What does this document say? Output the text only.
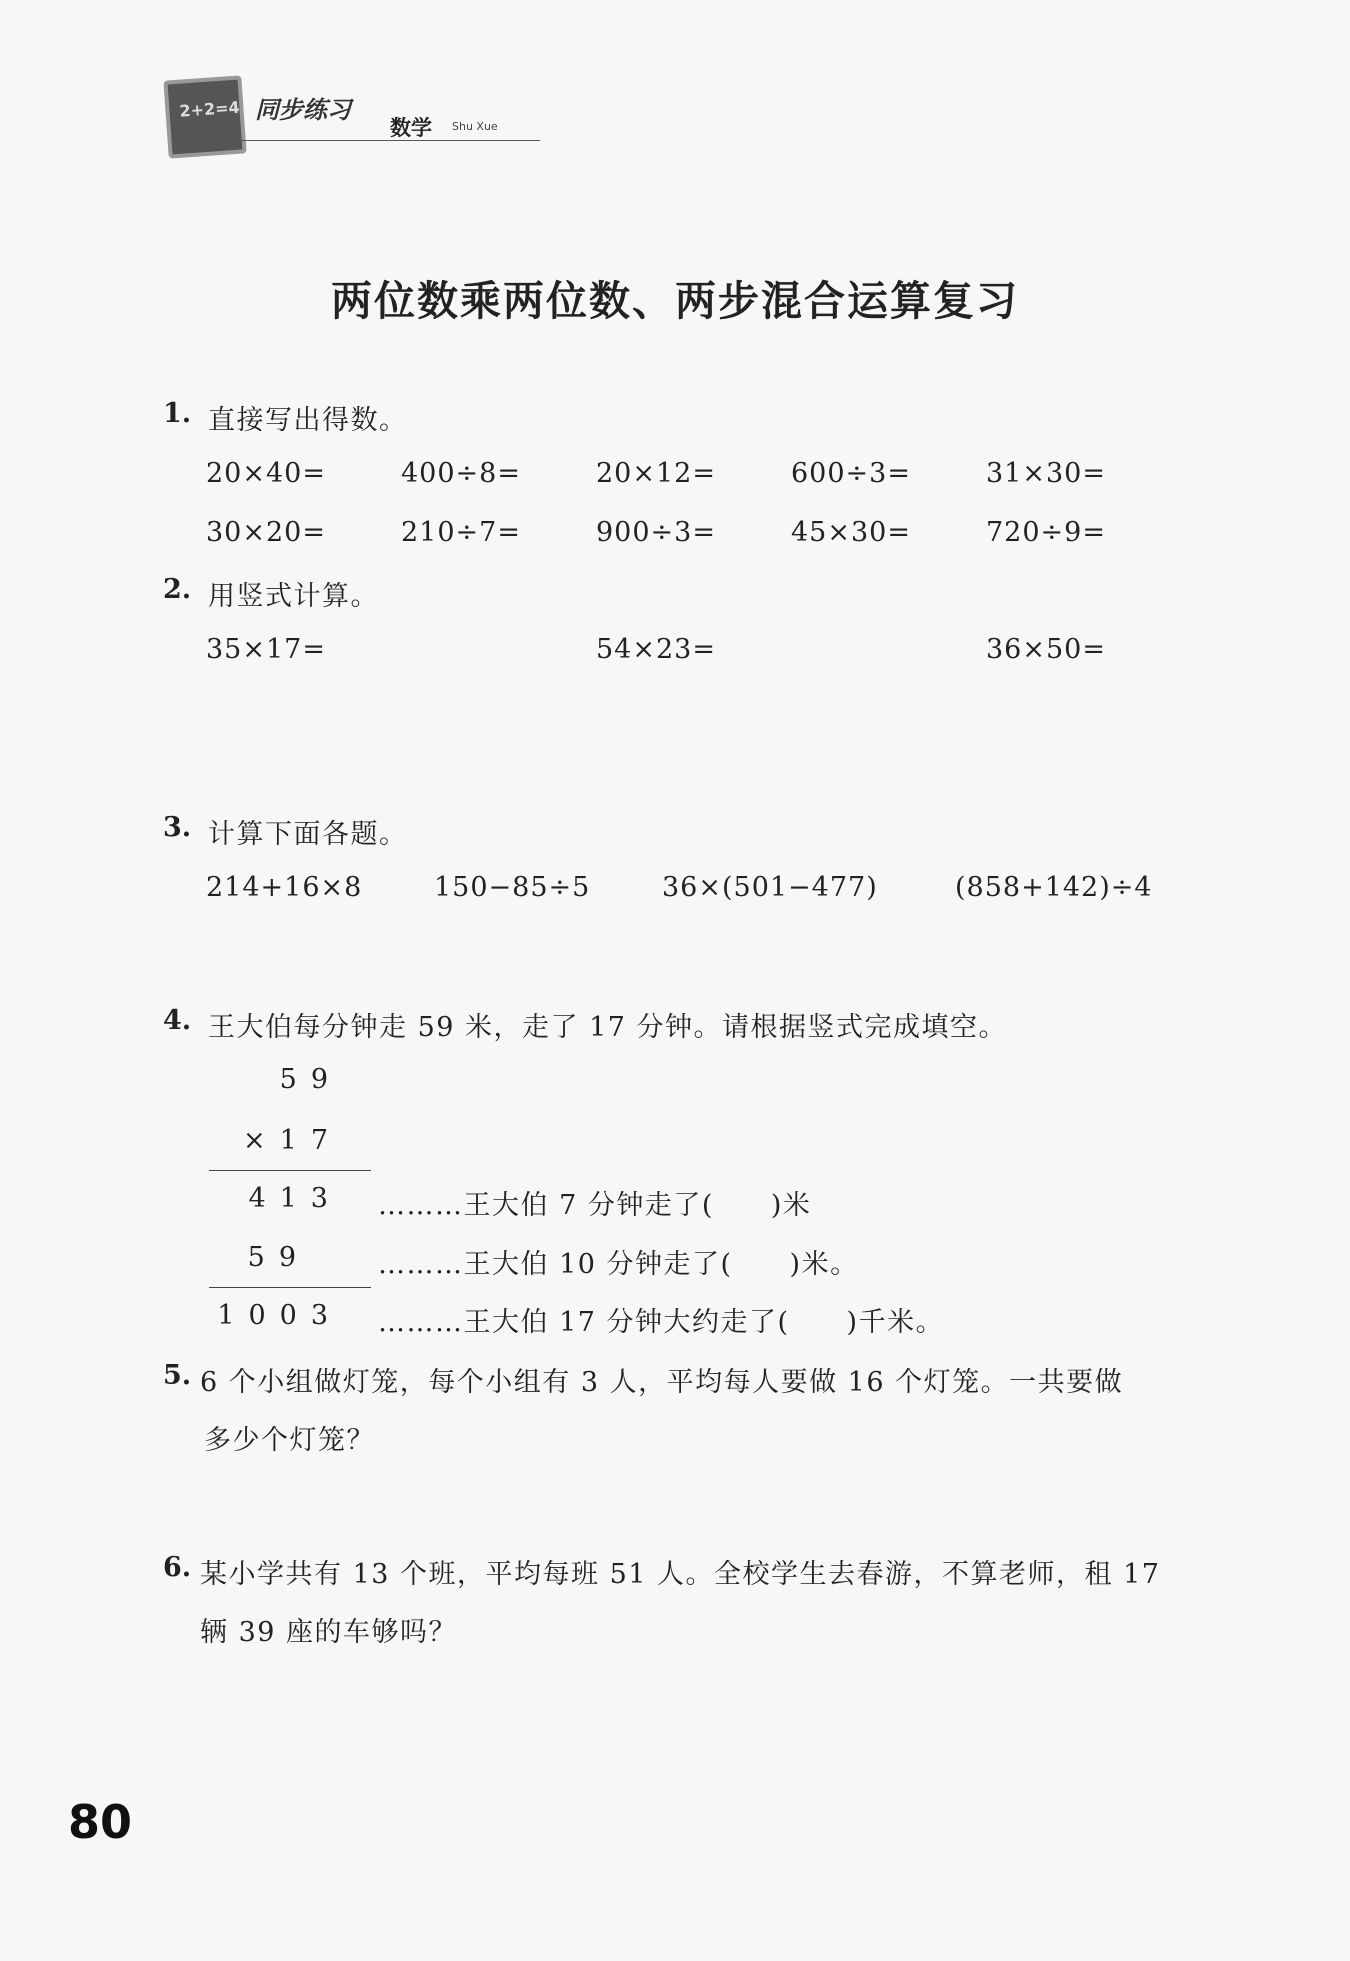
2+2=4 同步练习
数学 Shu Xue
两位数乘两位数、两步混合运算复习
1. 直接写出得数。
20×40=	400÷8=	20×12=	600÷3=	31×30=
30×20=	210÷7=	900÷3=	45×30=	720÷9=
2. 用竖式计算。
35×17=	54×23=	36×50=
3. 计算下面各题。
214+16×8	150−85÷5	36×(501−477)	(858+142)÷4
4. 王大伯每分钟走 59 米，走了 17 分钟。请根据竖式完成填空。
59
×17
413
59
1003
………王大伯 7 分钟走了(　　)米
………王大伯 10 分钟走了(　　)米。
………王大伯 17 分钟大约走了(　　)千米。
5. 6 个小组做灯笼，每个小组有 3 人，平均每人要做 16 个灯笼。一共要做
多少个灯笼？
6. 某小学共有 13 个班，平均每班 51 人。全校学生去春游，不算老师，租 17
辆 39 座的车够吗？
80
